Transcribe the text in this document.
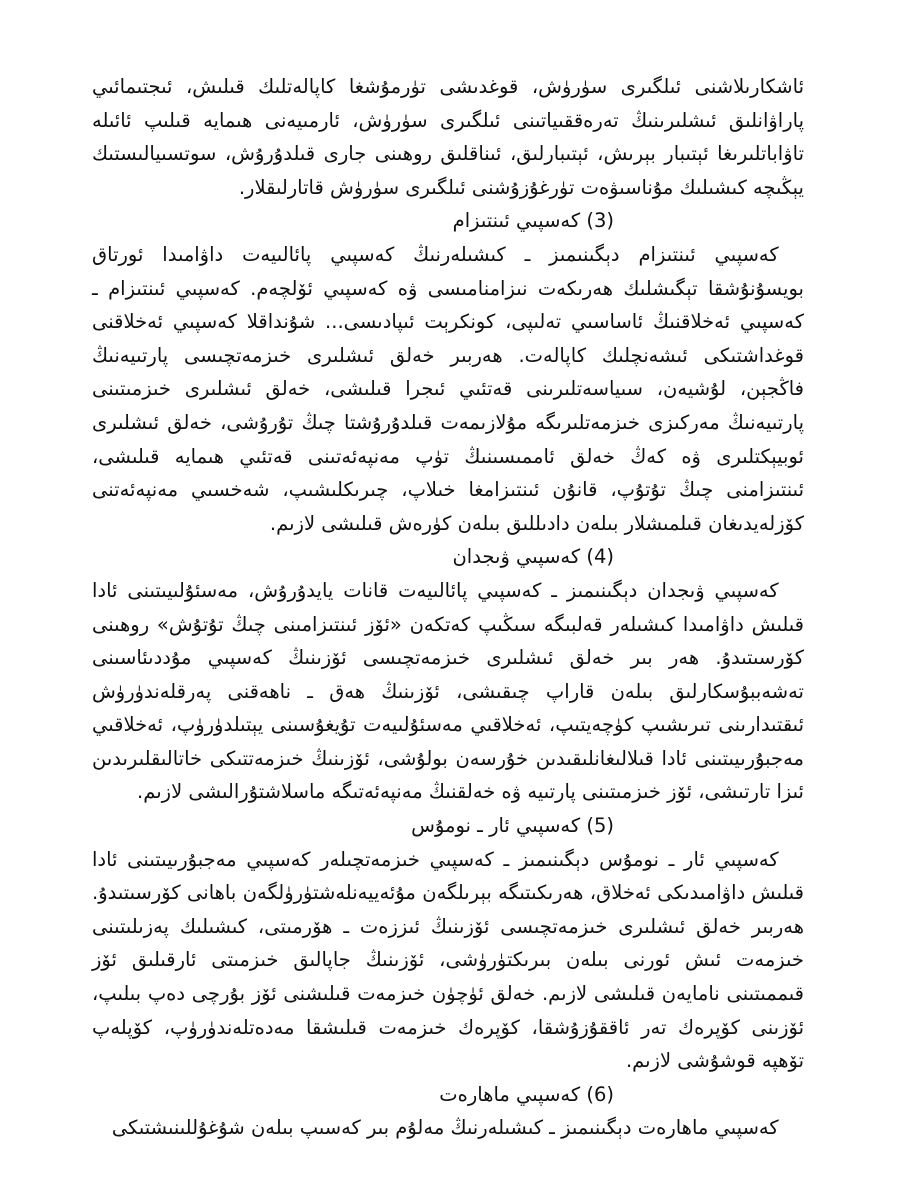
ئاشكارىلاشنى ئىلگىرى سۈرۈش، قوغدىشى تۈرمۇشغا كاپالەتلىك قىلىش، ئىجتىمائىي پاراۋانلىق ئىشلىرىنىڭ تەرەققىياتىنى ئىلگىرى سۈرۈش، ئارمىيەنى ھىمايە قىلىپ ئائىلە تاۋاباتلىرىغا ئېتىبار بېرىش، ئېتىبارلىق، ئىناقلىق روھىنى جارى قىلدۇرۇش، سوتسىيالىستىك يېڭىچە كىشىلىك مۇناسىۋەت تۈرغۇزۇشنى ئىلگىرى سۈرۈش قاتارلىقلار.

(3) كەسپىي ئىنتىزام

كەسپىي ئىنتىزام دېگىنىمىز ـ كىشىلەرنىڭ كەسپىي پائالىيەت داۋامىدا ئورتاق بويسۇنۇشقا تېگىشلىك ھەرىكەت نىزامنامىسى ۋە كەسپىي ئۆلچەم. كەسپىي ئىنتىزام ـ كەسپىي ئەخلاقنىڭ ئاساسىي تەلىپى، كونكرېت ئىپادىسى... شۇنداقلا كەسپىي ئەخلاقنى قوغداشتىكى ئىشەنچلىك كاپالەت. ھەربىر خەلق ئىشلىرى خىزمەتچىسى پارتىيەنىڭ فاڭجېن، لۇشيەن، سىياسەتلىرىنى قەتئىي ئىجرا قىلىشى، خەلق ئىشلىرى خىزمىتىنى پارتىيەنىڭ مەركىزى خىزمەتلىرىگە مۇلازىمەت قىلدۇرۇشتا چىڭ تۇرۇشى، خەلق ئىشلىرى ئوبيېكتلىرى ۋە كەڭ خەلق ئاممىسىنىڭ تۈپ مەنپەئەتىنى قەتئىي ھىمايە قىلىشى، ئىنتىزامنى چىڭ تۇتۇپ، قانۇن ئىنتىزامغا خىلاپ، چىرىكلىشىپ، شەخسىي مەنپەئەتنى كۆزلەيدىغان قىلمىشلار بىلەن دادىللىق بىلەن كۈرەش قىلىشى لازىم.

(4) كەسپىي ۋىجدان

كەسپىي ۋىجدان دېگىنىمىز ـ كەسپىي پائالىيەت قانات يايدۇرۇش، مەسئۇلىيىتىنى ئادا قىلىش داۋامىدا كىشىلەر قەلبىگە سىڭىپ كەتكەن «ئۆز ئىنتىزامىنى چىڭ تۇتۇش» روھىنى كۆرسىتىدۇ. ھەر بىر خەلق ئىشلىرى خىزمەتچىسى ئۆزىنىڭ كەسپىي مۇددىئاسىنى تەشەببۇسكارلىق بىلەن قاراپ چىقىشى، ئۆزىنىڭ ھەق ـ ناھەقنى پەرقلەندۈرۈش ئىقتىدارىنى تىرىشىپ كۈچەيتىپ، ئەخلاقىي مەسئۇلىيەت تۇيغۇسىنى يېتىلدۈرۈپ، ئەخلاقىي مەجبۇرىيىتىنى ئادا قىلالىغانلىقىدىن خۇرسەن بولۇشى، ئۆزىنىڭ خىزمەتتىكى خاتالىقلىرىدىن ئىزا تارتىشى، ئۆز خىزمىتىنى پارتىيە ۋە خەلقنىڭ مەنپەئەتىگە ماسلاشتۇرالىشى لازىم.

(5) كەسپىي ئار ـ نومۇس

كەسپىي ئار ـ نومۇس دېگىنىمىز ـ كەسپىي خىزمەتچىلەر كەسپىي مەجبۇرىيىتىنى ئادا قىلىش داۋامىدىكى ئەخلاق، ھەرىكىتىگە بېرىلگەن مۇئەييەنلەشتۈرۈلگەن باھانى كۆرسىتىدۇ. ھەربىر خەلق ئىشلىرى خىزمەتچىسى ئۆزىنىڭ ئىززەت ـ ھۆرمىتى، كىشىلىك پەزىلىتىنى خىزمەت ئىش ئورنى بىلەن بىرىكتۈرۈشى، ئۆزىنىڭ جاپالىق خىزمىتى ئارقىلىق ئۆز قىممىتىنى نامايەن قىلىشى لازىم. خەلق ئۈچۈن خىزمەت قىلىشنى ئۆز بۇرچى دەپ بىلىپ، ئۆزىنى كۆپرەك تەر ئاققۇزۇشقا، كۆپرەك خىزمەت قىلىشقا مەدەتلەندۈرۈپ، كۆپلەپ تۆھپە قوشۇشى لازىم.

(6) كەسپىي ماھارەت

كەسپىي ماھارەت دېگىنىمىز ـ كىشىلەرنىڭ مەلۇم بىر كەسىپ بىلەن شۇغۇللىنىشتىكى
